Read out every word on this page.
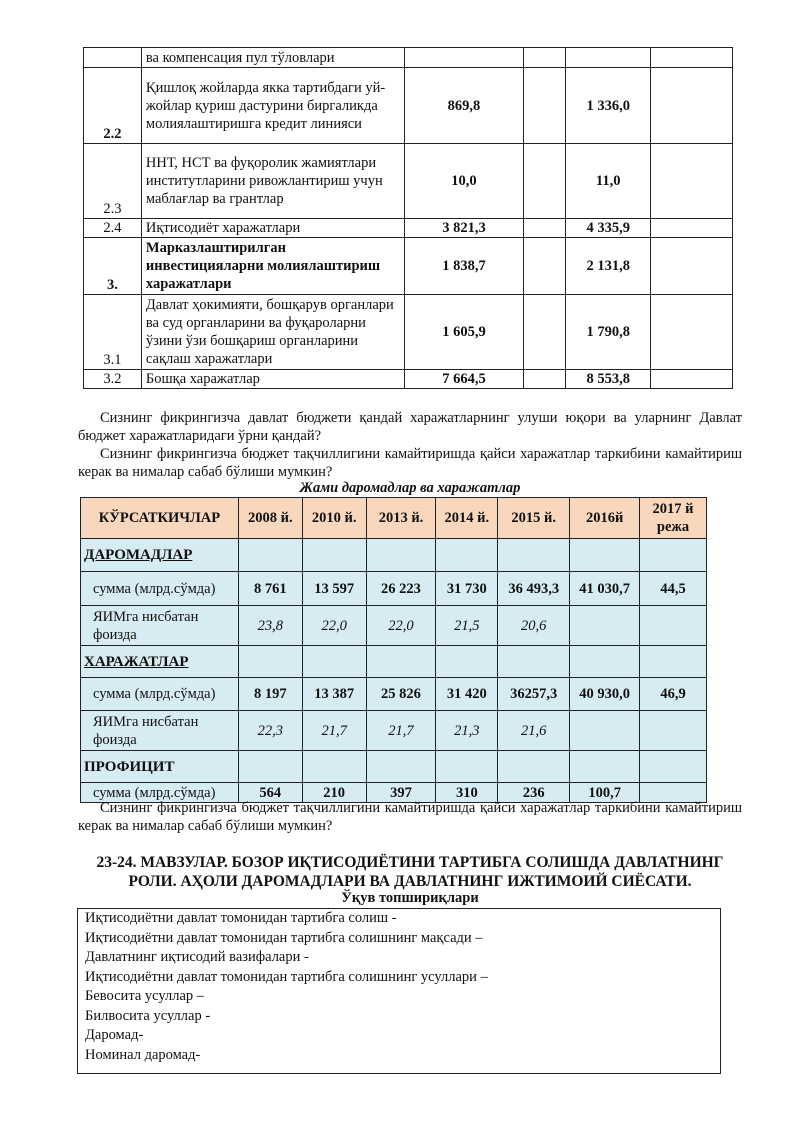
	ва компенсация пул тўловлари				
2.2	Қишлоқ жойларда якка тартибдаги уй-жойлар қуриш дастурини биргаликда молиялаштиришга кредит линияси	869,8		1 336,0	
2.3	ННТ, НСТ ва фуқоролик жамиятлари институтларини ривожлантириш учун маблағлар ва грантлар	10,0		11,0	
2.4	Иқтисодиёт харажатлари	3 821,3		4 335,9	
3.	Марказлаштирилган инвестицияларни молиялаштириш харажатлари	1 838,7		2 131,8	
3.1	Давлат ҳокимияти, бошқарув органлари ва суд органларини ва фуқароларни ўзини ўзи бошқариш органларини сақлаш харажатлари	1 605,9		1 790,8	
3.2	Бошқа харажатлар	7 664,5		8 553,8	

Сизнинг фикрингизча давлат бюджети қандай харажатларнинг улуши юқори ва уларнинг Давлат бюджет харажатларидаги ўрни қандай?

Сизнинг фикрингизча бюджет тақчиллигини камайтиришда қайси харажатлар таркибини камайтириш керак ва нималар сабаб бўлиши мумкин?

Жами даромадлар ва харажатлар
КЎРСАТКИЧЛАР	2008 й.	2010 й.	2013 й.	2014 й.	2015 й.	2016й	2017 й режа
ДАРОМАДЛАР							
сумма (млрд.сўмда)	8 761	13 597	26 223	31 730	36 493,3	41 030,7	44,5
ЯИМга нисбатан фоизда	23,8	22,0	22,0	21,5	20,6		
ХАРАЖАТЛАР							
сумма (млрд.сўмда)	8 197	13 387	25 826	31 420	36257,3	40 930,0	46,9
ЯИМга нисбатан фоизда	22,3	21,7	21,7	21,3	21,6		
ПРОФИЦИТ							
сумма (млрд.сўмда)	564	210	397	310	236	100,7	

Сизнинг фикрингизча бюджет тақчиллигини камайтиришда қайси харажатлар таркибини камайтириш керак ва нималар сабаб бўлиши мумкин?

23-24. МАВЗУЛАР. БОЗОР ИҚТИСОДИЁТИНИ ТАРТИБГА СОЛИШДА ДАВЛАТНИНГ РОЛИ. АҲОЛИ ДАРОМАДЛАРИ ВА ДАВЛАТНИНГ ИЖТИМОИЙ СИЁСАТИ.
Ўқув топшириқлари
Иқтисодиётни давлат томонидан тартибга солиш -
Иқтисодиётни давлат томонидан тартибга солишнинг мақсади –
Давлатнинг иқтисодий вазифалари -
Иқтисодиётни давлат томонидан тартибга солишнинг усуллари –
Бевосита усуллар –
Билвосита усуллар -
Даромад-
Номинал даромад-
